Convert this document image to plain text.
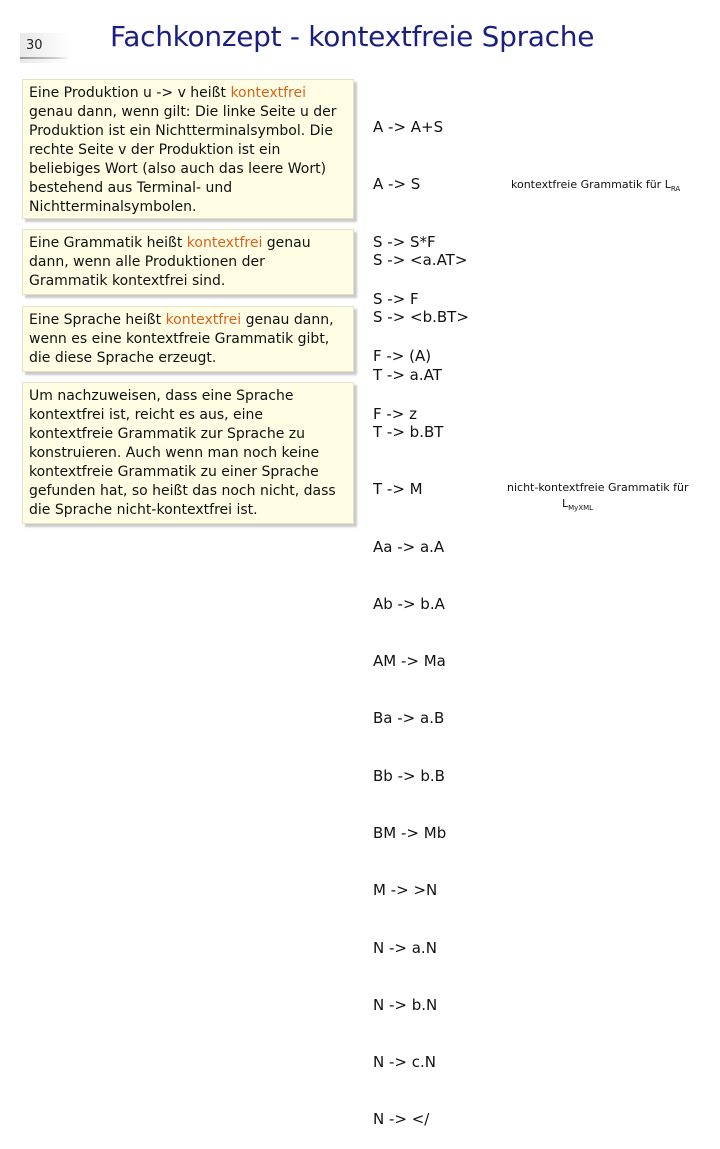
30 Fachkonzept - kontextfreie Sprache
Eine Produktion u -> v heißt kontextfrei genau dann, wenn gilt: Die linke Seite u der Produktion ist ein Nichtterminalsymbol. Die rechte Seite v der Produktion ist ein beliebiges Wort (also auch das leere Wort) bestehend aus Terminal- und Nichtterminalsymbolen.
Eine Grammatik heißt kontextfrei genau dann, wenn alle Produktionen der Grammatik kontextfrei sind.
Eine Sprache heißt kontextfrei genau dann, wenn es eine kontextfreie Grammatik gibt, die diese Sprache erzeugt.
Um nachzuweisen, dass eine Sprache kontextfrei ist, reicht es aus, eine kontextfreie Grammatik zur Sprache zu konstruieren. Auch wenn man noch keine kontextfreie Grammatik zu einer Sprache gefunden hat, so heißt das noch nicht, dass die Sprache nicht-kontextfrei ist.

A -> A+S

A -> S

S -> S*F

S -> F

F -> (A)

F -> z

kontextfreie Grammatik für $L_{RA}$

S -> <a.AT>

S -> <b.BT>

T -> a.AT

T -> b.BT

T -> M

Aa -> a.A

Ab -> b.A

AM -> Ma

Ba -> a.B

Bb -> b.B

BM -> Mb

M -> >N

N -> a.N

N -> b.N

N -> c.N

N -> </

nicht-kontextfreie Grammatik für
$L_{MyXML}$
